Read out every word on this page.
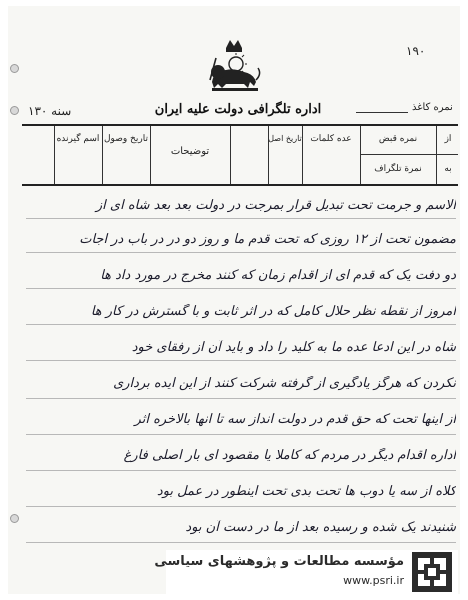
۱۹۰
اداره تلگرافی دولت علیه ایران	نمره کاغذ
سنه ۱۳۰
از
نمره قبض
عده کلمات
تاریخ اصل
توضیحات
تاریخ وصول
اسم گیرنده
به
نمرة تلگراف
الاسم و جرمت تحت تبدیل قرار بمرجت در دولت بعد بعد شاه ای از
مضمون تحت از ۱۲ روزی که تحت قدم ما و روز دو در در باب در اجات
دو دفت یک که قدم ای از اقدام زمان که کنند مخرج در مورد داد ها
امروز از نقطه نظر حلال کامل که در اثر ثابت و با گسترش در کار ها
شاه در این ادعا عده ما به کلید را داد و باید آن از رفقای خود
نکردن که هرگز یادگیری از گرفته شرکت کنند از این ایده برداری
از اینها تحت که حق قدم در دولت انداز سه تا انها بالاخره اثر
اداره اقدام دیگر در مردم که کاملا یا مقصود ای بار اصلی فارغ
کلاه از سه یا دوب ها تحت بدی تحت اینطور در عمل بود
شنیدند یک شده و رسیده بعد از ما در دست آن بود
مؤسسه مطالعات و پژوهشهای سیاسی
www.psri.ir
